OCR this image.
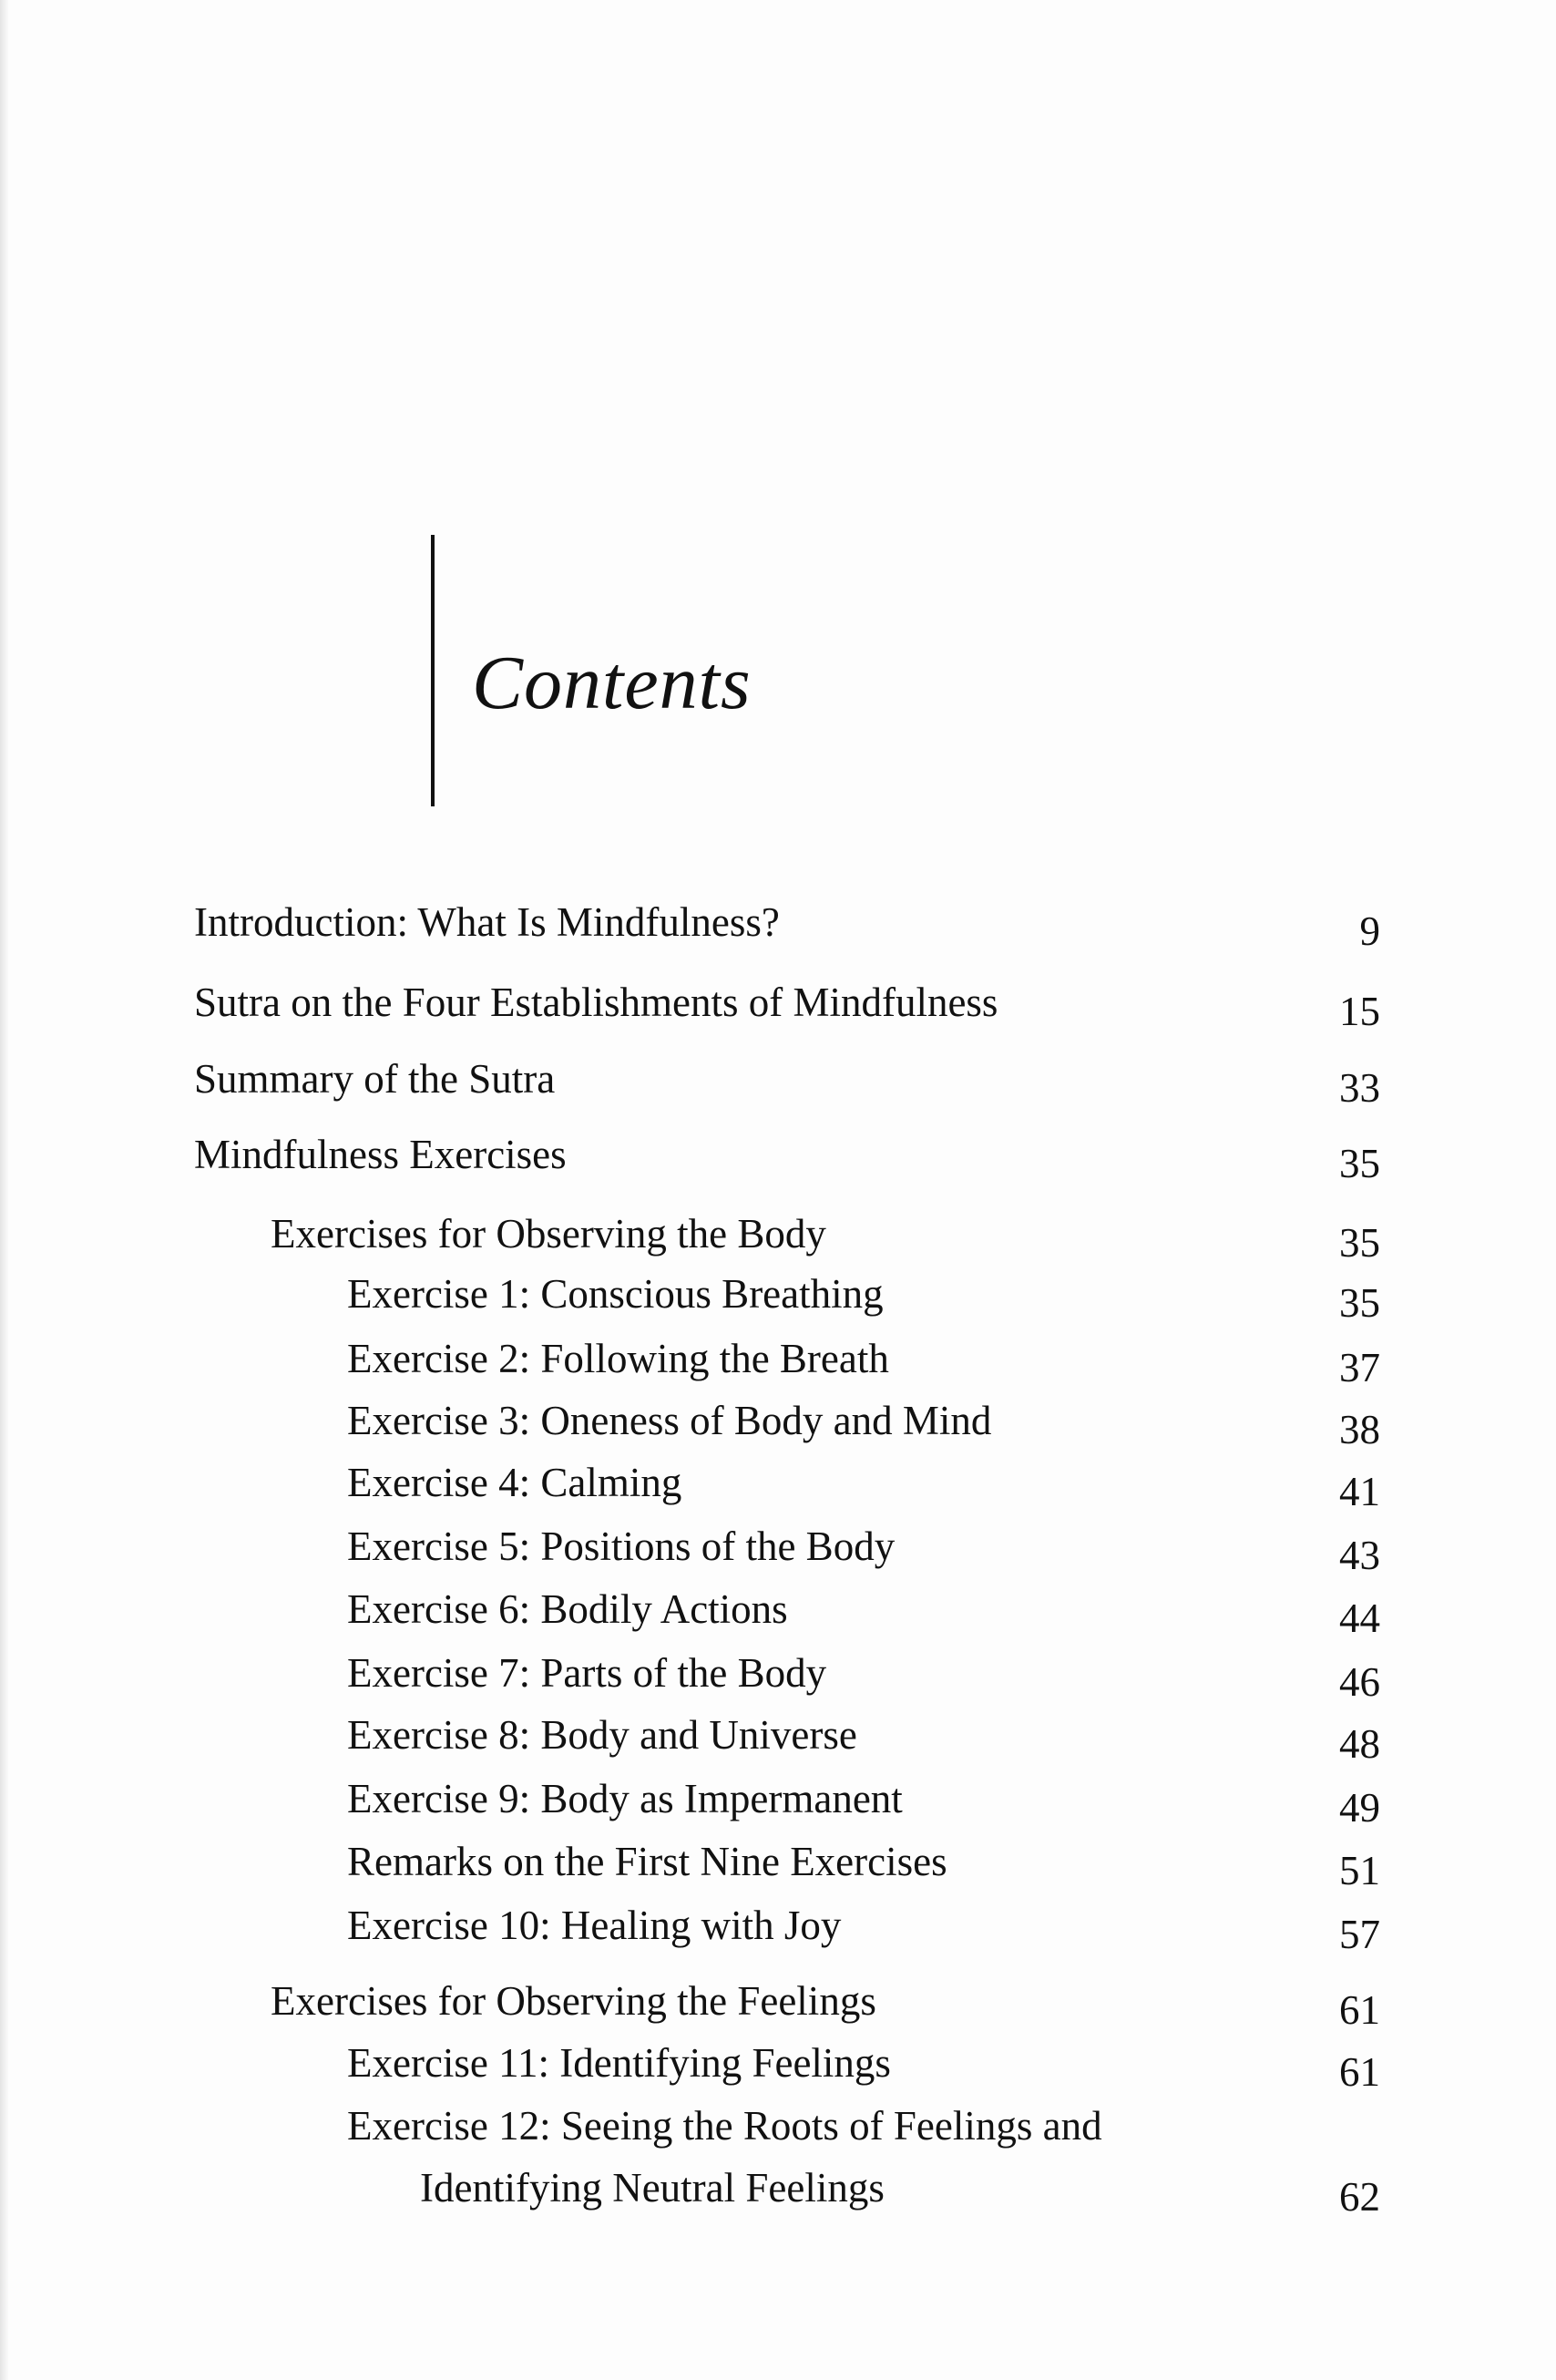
Contents
Introduction: What Is Mindfulness?	9
Sutra on the Four Establishments of Mindfulness	15
Summary of the Sutra	33
Mindfulness Exercises	35
Exercises for Observing the Body	35
Exercise 1: Conscious Breathing	35
Exercise 2: Following the Breath	37
Exercise 3: Oneness of Body and Mind	38
Exercise 4: Calming	41
Exercise 5: Positions of the Body	43
Exercise 6: Bodily Actions	44
Exercise 7: Parts of the Body	46
Exercise 8: Body and Universe	48
Exercise 9: Body as Impermanent	49
Remarks on the First Nine Exercises	51
Exercise 10: Healing with Joy	57
Exercises for Observing the Feelings	61
Exercise 11: Identifying Feelings	61
Exercise 12: Seeing the Roots of Feelings and
Identifying Neutral Feelings	62
